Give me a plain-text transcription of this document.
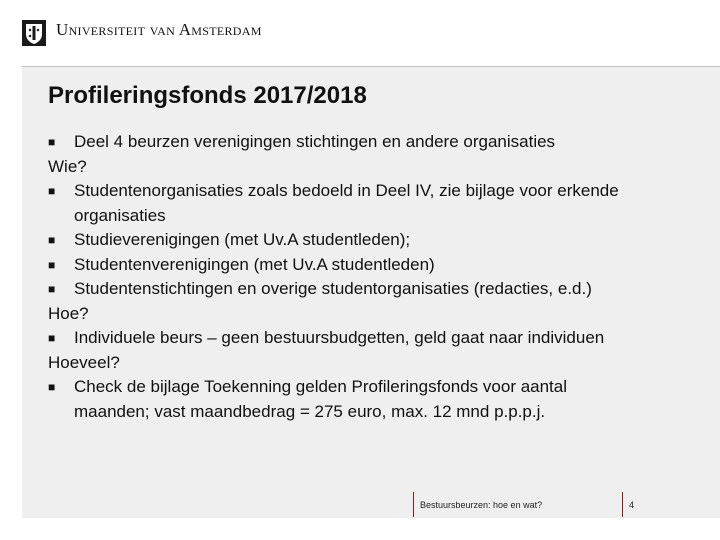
Universiteit van Amsterdam
Profileringsfonds 2017/2018
■ Deel 4 beurzen verenigingen stichtingen en andere organisaties
Wie?
■ Studentenorganisaties zoals bedoeld in Deel IV, zie bijlage voor erkende
organisaties
■ Studieverenigingen (met Uv.A studentleden);
■ Studentenverenigingen (met Uv.A studentleden)
■ Studentenstichtingen en overige studentorganisaties (redacties, e.d.)
Hoe?
■ Individuele beurs – geen bestuursbudgetten, geld gaat naar individuen
Hoeveel?
■ Check de bijlage Toekenning gelden Profileringsfonds voor aantal
maanden; vast maandbedrag = 275 euro, max. 12 mnd p.p.p.j.
Bestuursbeurzen: hoe en wat?	4
